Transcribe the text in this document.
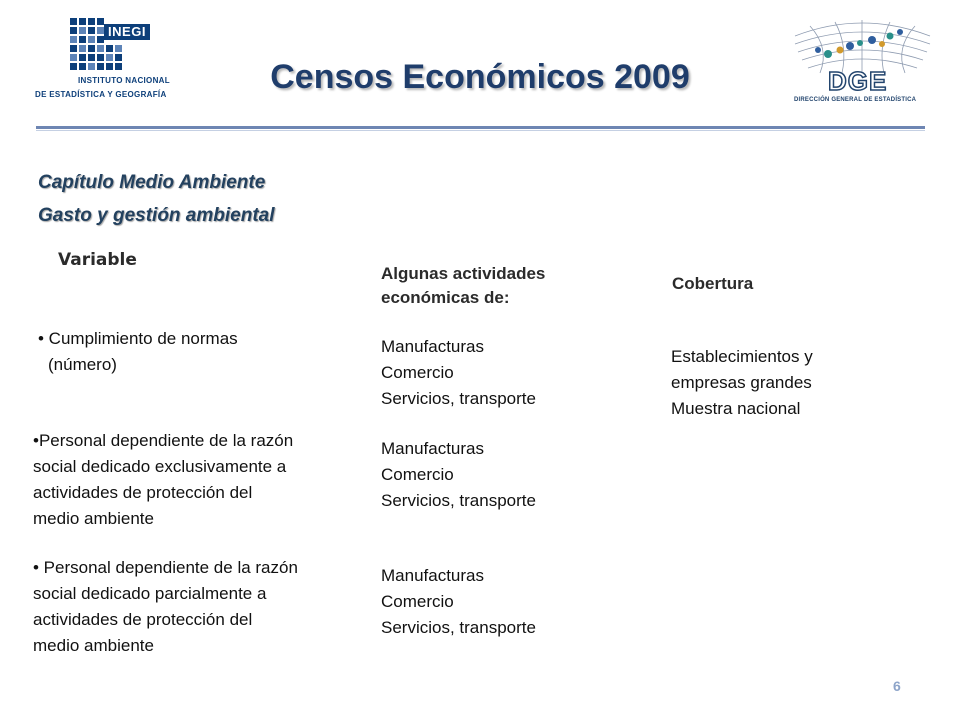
INEGI
INSTITUTO NACIONAL
DE ESTADÍSTICA Y GEOGRAFÍA	DGE
DIRECCIÓN GENERAL DE ESTADÍSTICA
Censos Económicos 2009
Capítulo Medio Ambiente
Gasto y gestión ambiental
Variable
Algunas actividades
económicas de:
Cobertura
• Cumplimiento de normas
(número)
Manufacturas
Comercio
Servicios, transporte
Establecimientos y
empresas grandes
Muestra nacional
•Personal dependiente de la razón
social dedicado exclusivamente a
actividades de protección del
medio ambiente
Manufacturas
Comercio
Servicios, transporte
• Personal dependiente de la razón
social dedicado parcialmente a
actividades de protección del
medio ambiente
Manufacturas
Comercio
Servicios, transporte
6
